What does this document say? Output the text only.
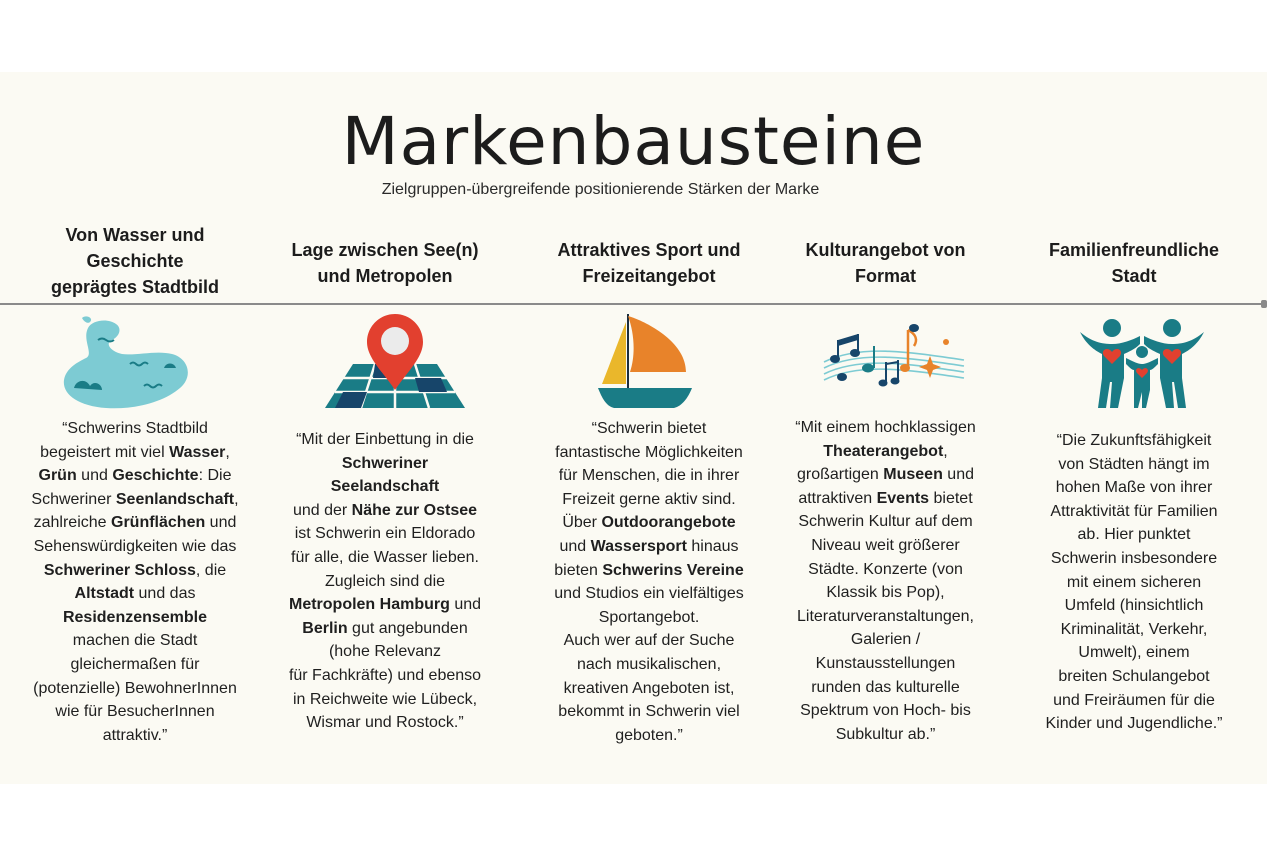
Markenbausteine
Zielgruppen-übergreifende positionierende Stärken der Marke
Von Wasser und
Geschichte
geprägtes Stadtbild
“Schwerins Stadtbild
begeistert mit viel Wasser,
Grün und Geschichte: Die
Schweriner Seenlandschaft,
zahlreiche Grünflächen und
Sehenswürdigkeiten wie das
Schweriner Schloss, die
Altstadt und das
Residenzensemble
machen die Stadt
gleichermaßen für
(potenzielle) BewohnerInnen
wie für BesucherInnen
attraktiv.”
Lage zwischen See(n)
und Metropolen
“Mit der Einbettung in die
Schweriner
Seelandschaft
und der Nähe zur Ostsee
ist Schwerin ein Eldorado
für alle, die Wasser lieben.
Zugleich sind die
Metropolen Hamburg und
Berlin gut angebunden
(hohe Relevanz
für Fachkräfte) und ebenso
in Reichweite wie Lübeck,
Wismar und Rostock.”
Attraktives Sport und
Freizeitangebot
“Schwerin bietet
fantastische Möglichkeiten
für Menschen, die in ihrer
Freizeit gerne aktiv sind.
Über Outdoorangebote
und Wassersport hinaus
bieten Schwerins Vereine
und Studios ein vielfältiges
Sportangebot.
Auch wer auf der Suche
nach musikalischen,
kreativen Angeboten ist,
bekommt in Schwerin viel
geboten.”
Kulturangebot von
Format
“Mit einem hochklassigen
Theaterangebot,
großartigen Museen und
attraktiven Events bietet
Schwerin Kultur auf dem
Niveau weit größerer
Städte. Konzerte (von
Klassik bis Pop),
Literaturveranstaltungen,
Galerien /
Kunstausstellungen
runden das kulturelle
Spektrum von Hoch- bis
Subkultur ab.”
Familienfreundliche
Stadt
“Die Zukunftsfähigkeit
von Städten hängt im
hohen Maße von ihrer
Attraktivität für Familien
ab. Hier punktet
Schwerin insbesondere
mit einem sicheren
Umfeld (hinsichtlich
Kriminalität, Verkehr,
Umwelt), einem
breiten Schulangebot
und Freiräumen für die
Kinder und Jugendliche.”
